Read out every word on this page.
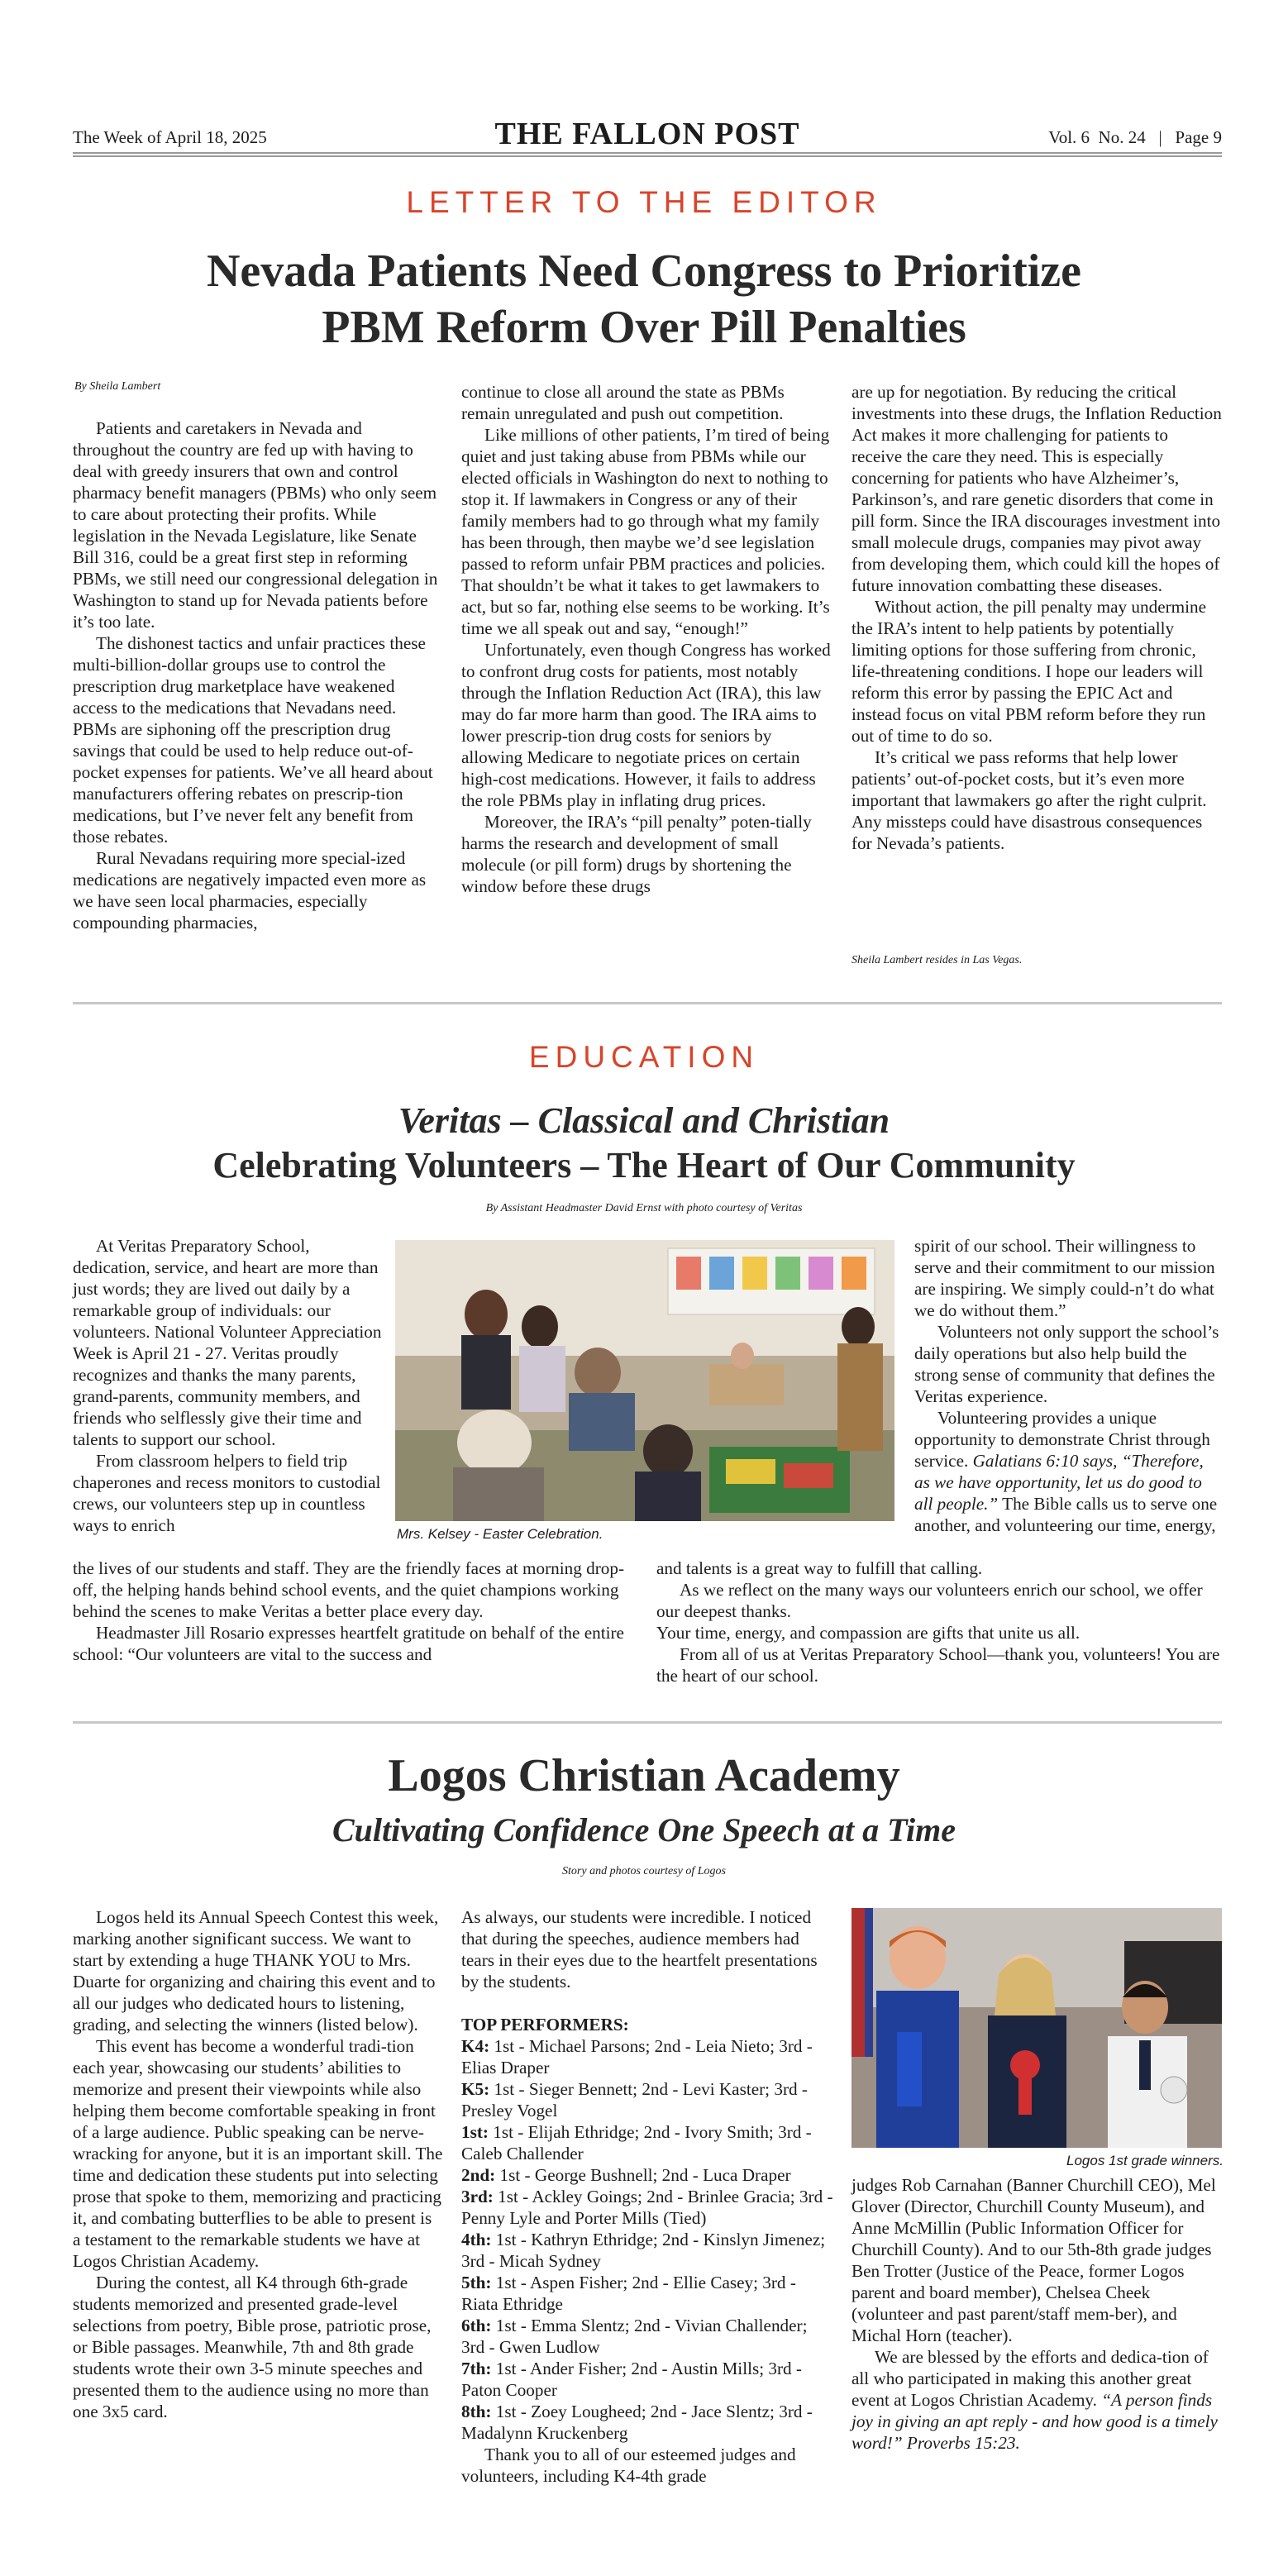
The Week of April 18, 2025	THE FALLON POST	Vol. 6  No. 24   |   Page 9
LETTER TO THE EDITOR
Nevada Patients Need Congress to Prioritize
PBM Reform Over Pill Penalties
By Sheila Lambert

Patients and caretakers in Nevada and throughout the country are fed up with having to deal with greedy insurers that own and control pharmacy benefit managers (PBMs) who only seem to care about protecting their profits. While legislation in the Nevada Legislature, like Senate Bill 316, could be a great first step in reforming PBMs, we still need our congressional delegation in Washington to stand up for Nevada patients before it’s too late.

The dishonest tactics and unfair practices these multi-billion-dollar groups use to control the prescription drug marketplace have weakened access to the medications that Nevadans need. PBMs are siphoning off the prescription drug savings that could be used to help reduce out-of-pocket expenses for patients. We’ve all heard about manufacturers offering rebates on prescrip-tion medications, but I’ve never felt any benefit from those rebates.

Rural Nevadans requiring more special-ized medications are negatively impacted even more as we have seen local pharmacies, especially compounding pharmacies,

continue to close all around the state as PBMs remain unregulated and push out competition.

Like millions of other patients, I’m tired of being quiet and just taking abuse from PBMs while our elected officials in Washington do next to nothing to stop it. If lawmakers in Congress or any of their family members had to go through what my family has been through, then maybe we’d see legislation passed to reform unfair PBM practices and policies. That shouldn’t be what it takes to get lawmakers to act, but so far, nothing else seems to be working. It’s time we all speak out and say, “enough!”

Unfortunately, even though Congress has worked to confront drug costs for patients, most notably through the Inflation Reduction Act (IRA), this law may do far more harm than good. The IRA aims to lower prescrip-tion drug costs for seniors by allowing Medicare to negotiate prices on certain high-cost medications. However, it fails to address the role PBMs play in inflating drug prices.

Moreover, the IRA’s “pill penalty” poten-tially harms the research and development of small molecule (or pill form) drugs by shortening the window before these drugs

are up for negotiation. By reducing the critical investments into these drugs, the Inflation Reduction Act makes it more challenging for patients to receive the care they need. This is especially concerning for patients who have Alzheimer’s, Parkinson’s, and rare genetic disorders that come in pill form. Since the IRA discourages investment into small molecule drugs, companies may pivot away from developing them, which could kill the hopes of future innovation combatting these diseases.

Without action, the pill penalty may undermine the IRA’s intent to help patients by potentially limiting options for those suffering from chronic, life-threatening conditions. I hope our leaders will reform this error by passing the EPIC Act and instead focus on vital PBM reform before they run out of time to do so.

It’s critical we pass reforms that help lower patients’ out-of-pocket costs, but it’s even more important that lawmakers go after the right culprit. Any missteps could have disastrous consequences for Nevada’s patients.

Sheila Lambert resides in Las Vegas.
EDUCATION
Veritas – Classical and Christian
Celebrating Volunteers – The Heart of Our Community
By Assistant Headmaster David Ernst with photo courtesy of Veritas

At Veritas Preparatory School, dedication, service, and heart are more than just words; they are lived out daily by a remarkable group of individuals: our volunteers. National Volunteer Appreciation Week is April 21 - 27. Veritas proudly recognizes and thanks the many parents, grand-parents, community members, and friends who selflessly give their time and talents to support our school.

From classroom helpers to field trip chaperones and recess monitors to custodial crews, our volunteers step up in countless ways to enrich	Mrs. Kelsey - Easter Celebration.

spirit of our school. Their willingness to serve and their commitment to our mission are inspiring. We simply could-n’t do what we do without them.”

Volunteers not only support the school’s daily operations but also help build the strong sense of community that defines the Veritas experience.

Volunteering provides a unique opportunity to demonstrate Christ through service. Galatians 6:10 says, “Therefore, as we have opportunity, let us do good to all people.” The Bible calls us to serve one another, and volunteering our time, energy,

the lives of our students and staff. They are the friendly faces at morning drop-off, the helping hands behind school events, and the quiet champions working behind the scenes to make Veritas a better place every day.

Headmaster Jill Rosario expresses heartfelt gratitude on behalf of the entire school: “Our volunteers are vital to the success and

and talents is a great way to fulfill that calling.

As we reflect on the many ways our volunteers enrich our school, we offer our deepest thanks.

Your time, energy, and compassion are gifts that unite us all.

From all of us at Veritas Preparatory School—thank you, volunteers! You are the heart of our school.

Logos Christian Academy
Cultivating Confidence One Speech at a Time
Story and photos courtesy of Logos

Logos held its Annual Speech Contest this week, marking another significant success. We want to start by extending a huge THANK YOU to Mrs. Duarte for organizing and chairing this event and to all our judges who dedicated hours to listening, grading, and selecting the winners (listed below).

This event has become a wonderful tradi-tion each year, showcasing our students’ abilities to memorize and present their viewpoints while also helping them become comfortable speaking in front of a large audience. Public speaking can be nerve-wracking for anyone, but it is an important skill. The time and dedication these students put into selecting prose that spoke to them, memorizing and practicing it, and combating butterflies to be able to present is a testament to the remarkable students we have at Logos Christian Academy.

During the contest, all K4 through 6th-grade students memorized and presented grade-level selections from poetry, Bible prose, patriotic prose, or Bible passages. Meanwhile, 7th and 8th grade students wrote their own 3-5 minute speeches and presented them to the audience using no more than one 3x5 card.

As always, our students were incredible. I noticed that during the speeches, audience members had tears in their eyes due to the heartfelt presentations by the students.

TOP PERFORMERS:

K4: 1st - Michael Parsons; 2nd - Leia Nieto; 3rd - Elias Draper

K5: 1st - Sieger Bennett; 2nd - Levi Kaster; 3rd - Presley Vogel

1st: 1st - Elijah Ethridge; 2nd - Ivory Smith; 3rd - Caleb Challender

2nd: 1st - George Bushnell; 2nd - Luca Draper

3rd: 1st - Ackley Goings; 2nd - Brinlee Gracia; 3rd - Penny Lyle and Porter Mills (Tied)

4th: 1st - Kathryn Ethridge; 2nd - Kinslyn Jimenez; 3rd - Micah Sydney

5th: 1st - Aspen Fisher; 2nd - Ellie Casey; 3rd - Riata Ethridge

6th: 1st - Emma Slentz; 2nd - Vivian Challender; 3rd - Gwen Ludlow

7th: 1st - Ander Fisher; 2nd - Austin Mills; 3rd - Paton Cooper

8th: 1st - Zoey Lougheed; 2nd - Jace Slentz; 3rd - Madalynn Kruckenberg

Thank you to all of our esteemed judges and volunteers, including K4-4th grade

Logos 1st grade winners.

judges Rob Carnahan (Banner Churchill CEO), Mel Glover (Director, Churchill County Museum), and Anne McMillin (Public Information Officer for Churchill County). And to our 5th-8th grade judges Ben Trotter (Justice of the Peace, former Logos parent and board member), Chelsea Cheek (volunteer and past parent/staff mem-ber), and Michal Horn (teacher).

We are blessed by the efforts and dedica-tion of all who participated in making this another great event at Logos Christian Academy. “A person finds joy in giving an apt reply - and how good is a timely word!” Proverbs 15:23.
